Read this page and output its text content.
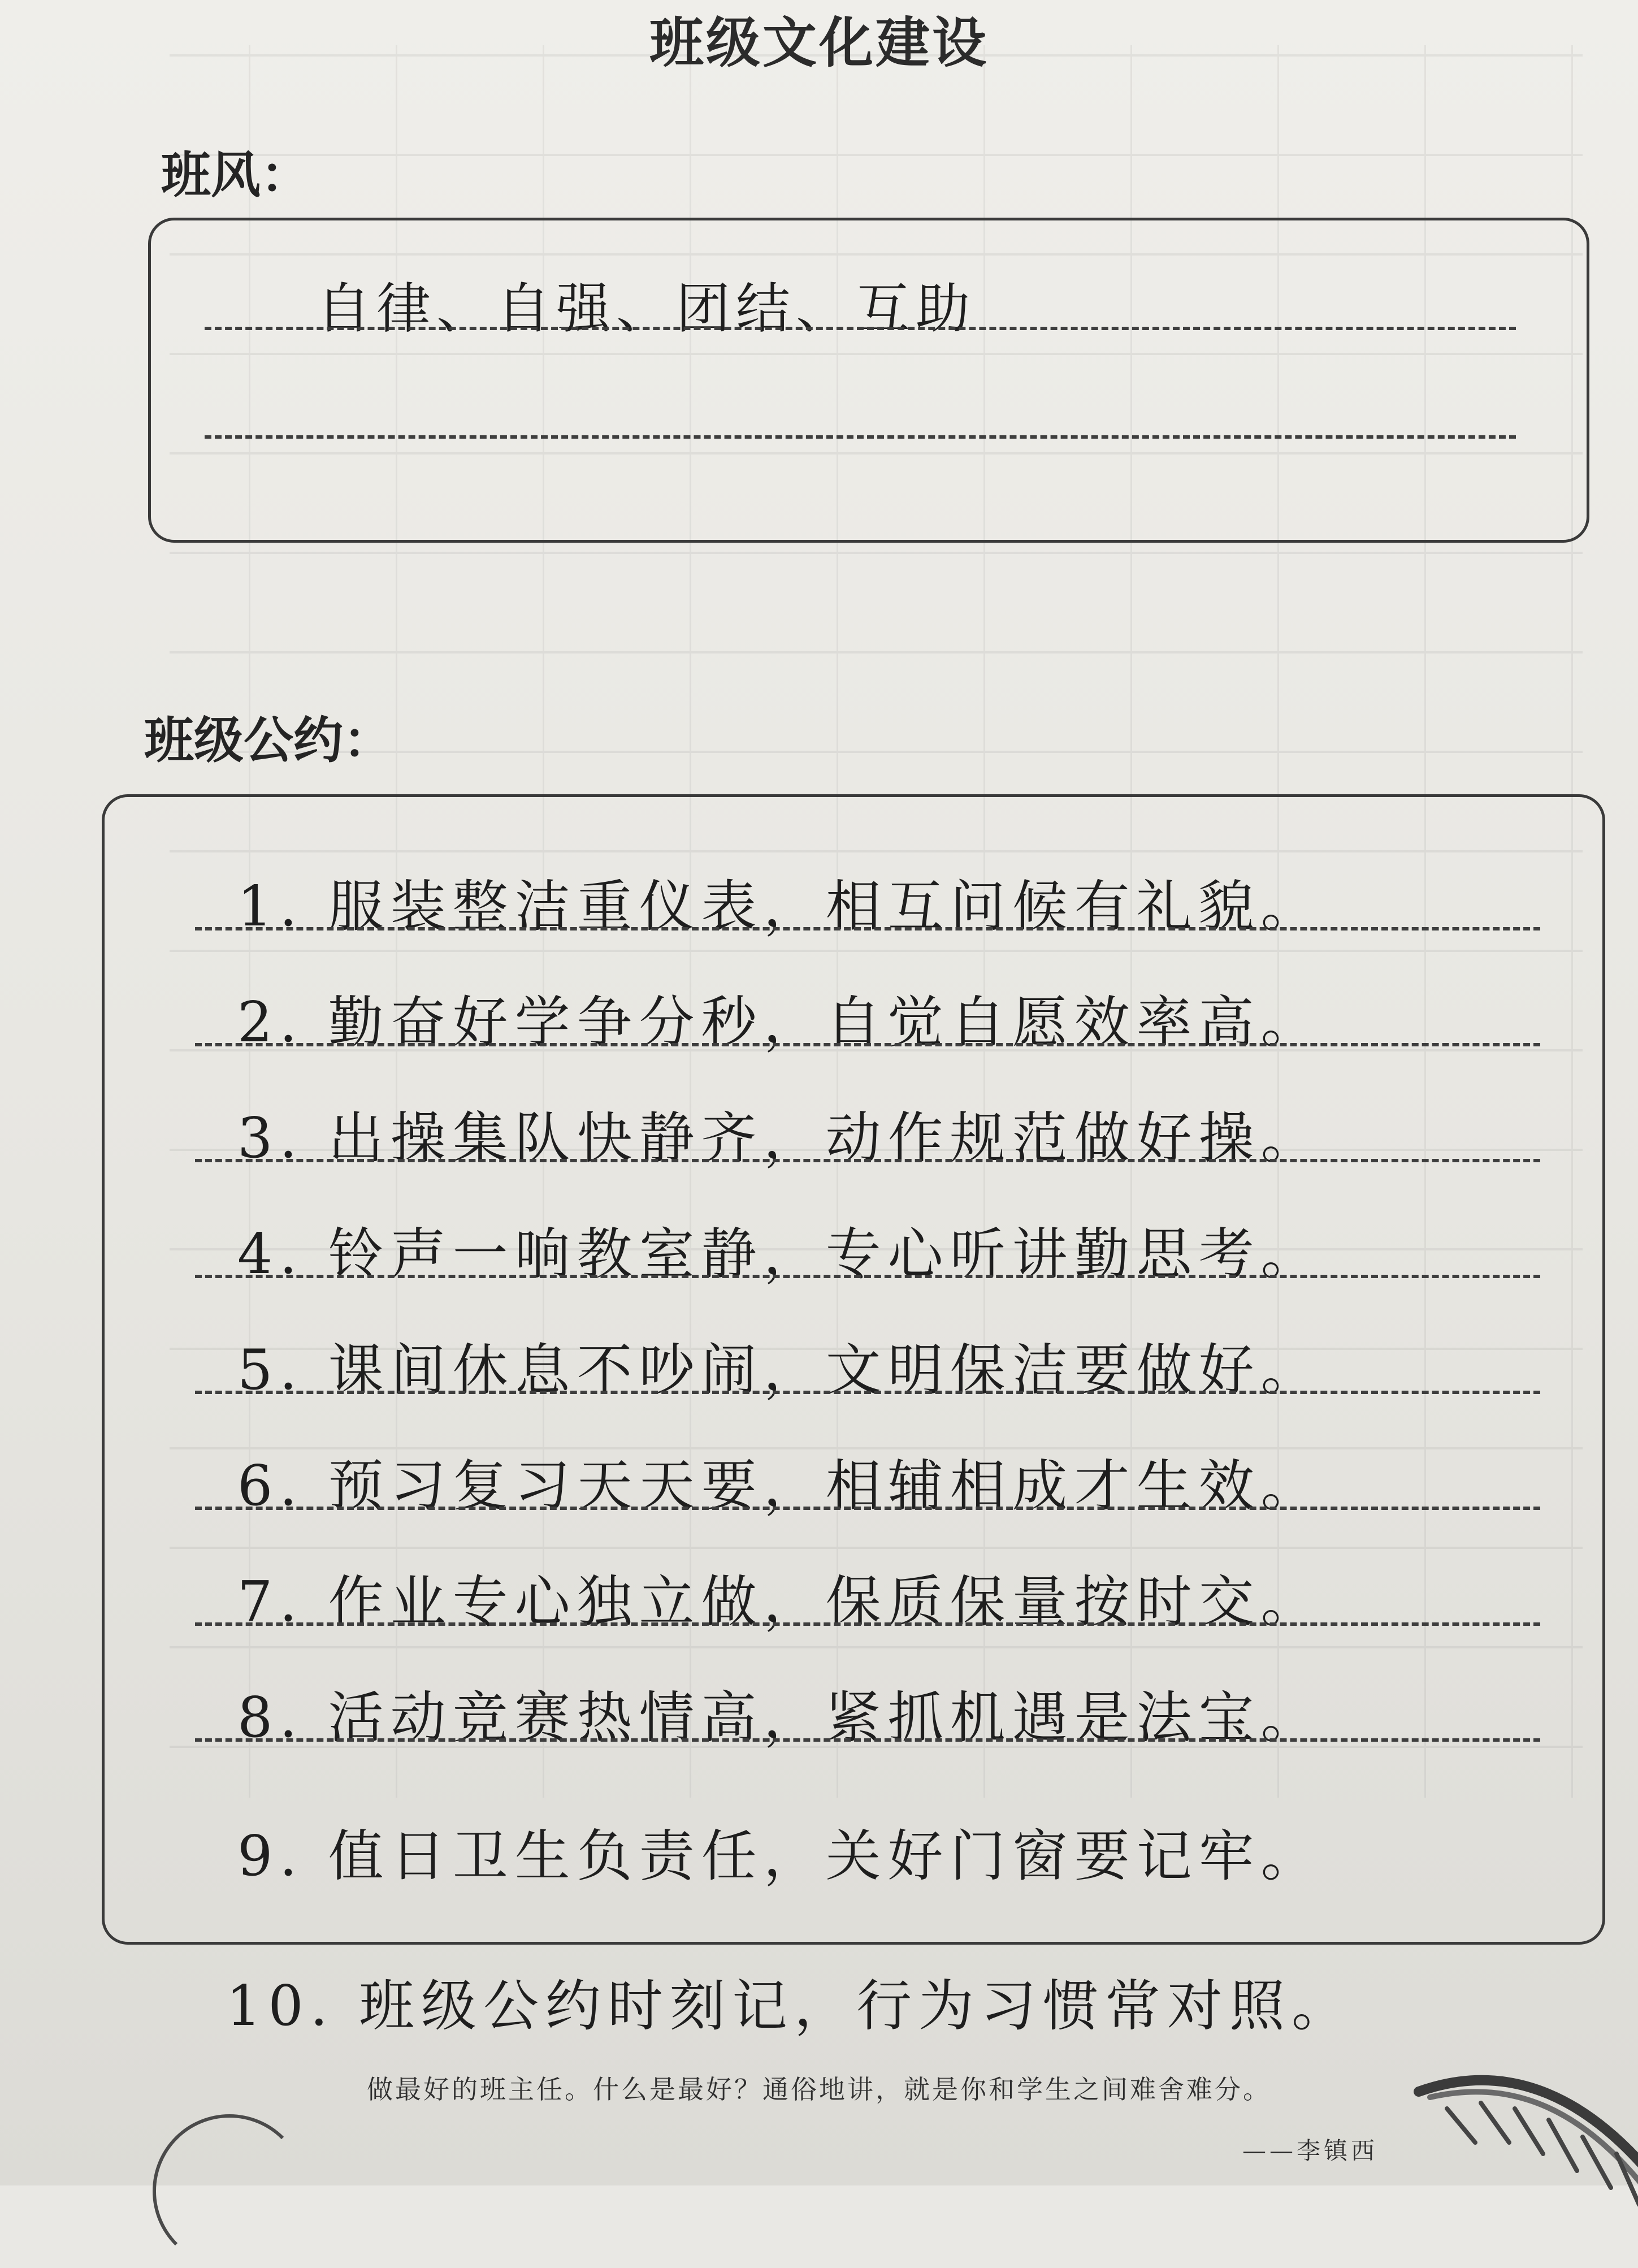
班级文化建设
班风：
自律、自强、团结、互助
班级公约：
1. 服装整洁重仪表，相互问候有礼貌。
2. 勤奋好学争分秒，自觉自愿效率高。
3. 出操集队快静齐，动作规范做好操。
4. 铃声一响教室静，专心听讲勤思考。
5. 课间休息不吵闹，文明保洁要做好。
6. 预习复习天天要，相辅相成才生效。
7. 作业专心独立做，保质保量按时交。
8. 活动竞赛热情高，紧抓机遇是法宝。
9. 值日卫生负责任，关好门窗要记牢。
10. 班级公约时刻记，行为习惯常对照。
做最好的班主任。什么是最好？通俗地讲，就是你和学生之间难舍难分。
——李镇西
